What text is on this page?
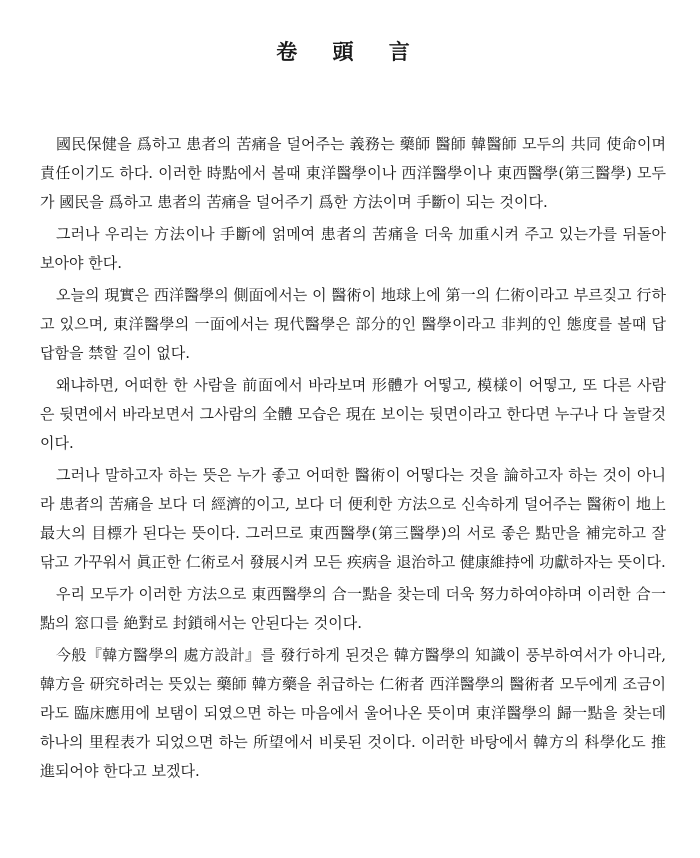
卷 頭 言

國民保健을 爲하고 患者의 苦痛을 덜어주는 義務는 藥師 醫師 韓醫師 모두의 共同 使命이며 責任이기도 하다. 이러한 時點에서 볼때 東洋醫學이나 西洋醫學이나 東西醫學(第三醫學) 모두가 國民을 爲하고 患者의 苦痛을 덜어주기 爲한 方法이며 手斷이 되는 것이다.

그러나 우리는 方法이나 手斷에 얽메여 患者의 苦痛을 더욱 加重시켜 주고 있는가를 뒤돌아 보아야 한다.

오늘의 現實은 西洋醫學의 側面에서는 이 醫術이 地球上에 第一의 仁術이라고 부르짖고 行하고 있으며, 東洋醫學의 一面에서는 現代醫學은 部分的인 醫學이라고 非判的인 態度를 볼때 답답함을 禁할 길이 없다.

왜냐하면, 어떠한 한 사람을 前面에서 바라보며 形體가 어떻고, 模樣이 어떻고, 또 다른 사람은 뒷면에서 바라보면서 그사람의 全體 모습은 現在 보이는 뒷면이라고 한다면 누구나 다 놀랄것이다.

그러나 말하고자 하는 뜻은 누가 좋고 어떠한 醫術이 어떻다는 것을 論하고자 하는 것이 아니라 患者의 苦痛을 보다 더 經濟的이고, 보다 더 便利한 方法으로 신속하게 덜어주는 醫術이 地上最大의 目標가 된다는 뜻이다. 그러므로 東西醫學(第三醫學)의 서로 좋은 點만을 補完하고 잘 닦고 가꾸워서 眞正한 仁術로서 發展시켜 모든 疾病을 退治하고 健康維持에 功獻하자는 뜻이다.

우리 모두가 이러한 方法으로 東西醫學의 合一點을 찾는데 더욱 努力하여야하며 이러한 合一點의 窓口를 絶對로 封鎖해서는 안된다는 것이다.

今般『韓方醫學의 處方設計』를 發行하게 된것은 韓方醫學의 知識이 풍부하여서가 아니라, 韓方을 研究하려는 뜻있는 藥師 韓方藥을 취급하는 仁術者 西洋醫學의 醫術者 모두에게 조금이라도 臨床應用에 보탬이 되였으면 하는 마음에서 울어나온 뜻이며 東洋醫學의 歸一點을 찾는데 하나의 里程表가 되었으면 하는 所望에서 비롯된 것이다. 이러한 바탕에서 韓方의 科學化도 推進되어야 한다고 보겠다.
